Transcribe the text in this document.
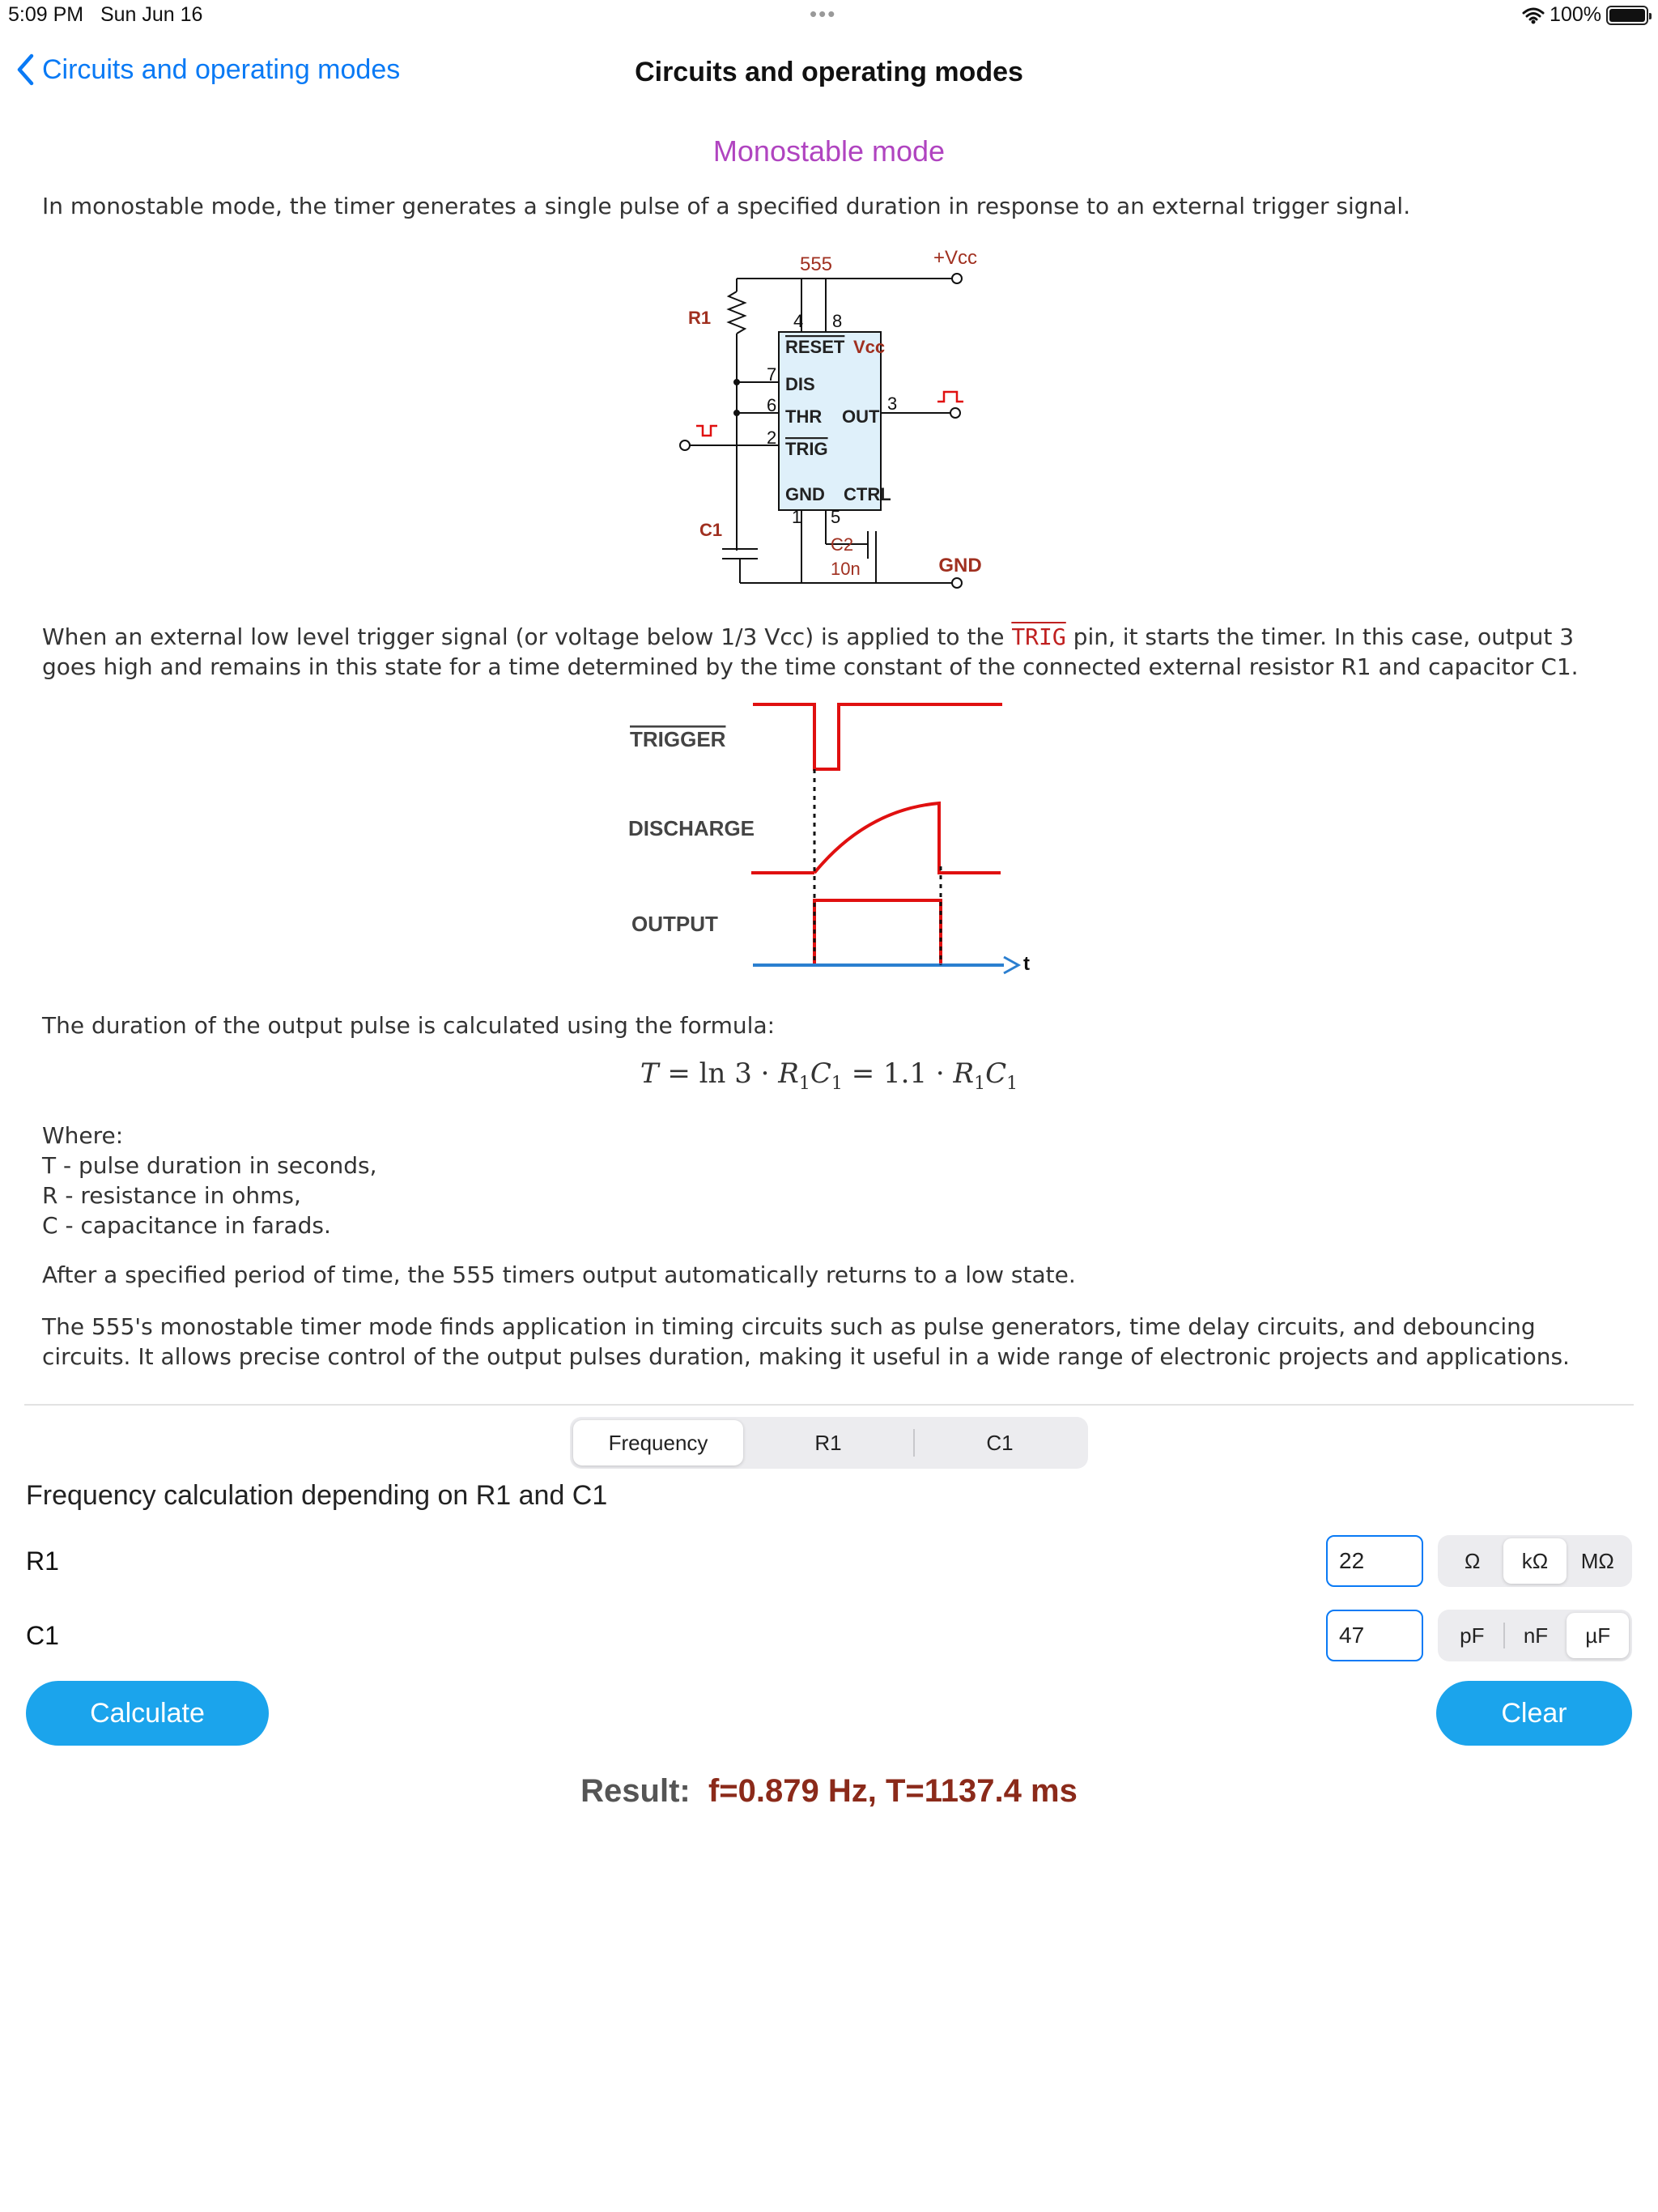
5:09 PM Sun Jun 16	•••	100%
Circuits and operating modes	Circuits and operating modes
Monostable mode
In monostable mode, the timer generates a single pulse of a specified duration in response to an external trigger signal.
555	+Vcc
R1	4 8
RESET Vcc
7 DIS
6
THR OUT
3
2
TRIG
GND CTRL
1 5
C1
C2
10n	GND
When an external low level trigger signal (or voltage below 1/3 Vcc) is applied to the TRIG pin, it starts the timer. In this case, output 3 goes high and remains in this state for a time determined by the time constant of the connected external resistor R1 and capacitor C1.
TRIGGER
DISCHARGE
OUTPUT
t
The duration of the output pulse is calculated using the formula:
$T = \ln 3 \cdot R_1C_1 = 1.1 \cdot R_1C_1$
Where:
T - pulse duration in seconds,
R - resistance in ohms,
C - capacitance in farads.
After a specified period of time, the 555 timers output automatically returns to a low state.
The 555's monostable timer mode finds application in timing circuits such as pulse generators, time delay circuits, and debouncing circuits. It allows precise control of the output pulses duration, making it useful in a wide range of electronic projects and applications.
Frequency	R1	C1
Frequency calculation depending on R1 and C1
R1
22	Ω	kΩ	MΩ
C1
47	pF	nF	µF
Calculate	Clear
Result: f=0.879 Hz, T=1137.4 ms
